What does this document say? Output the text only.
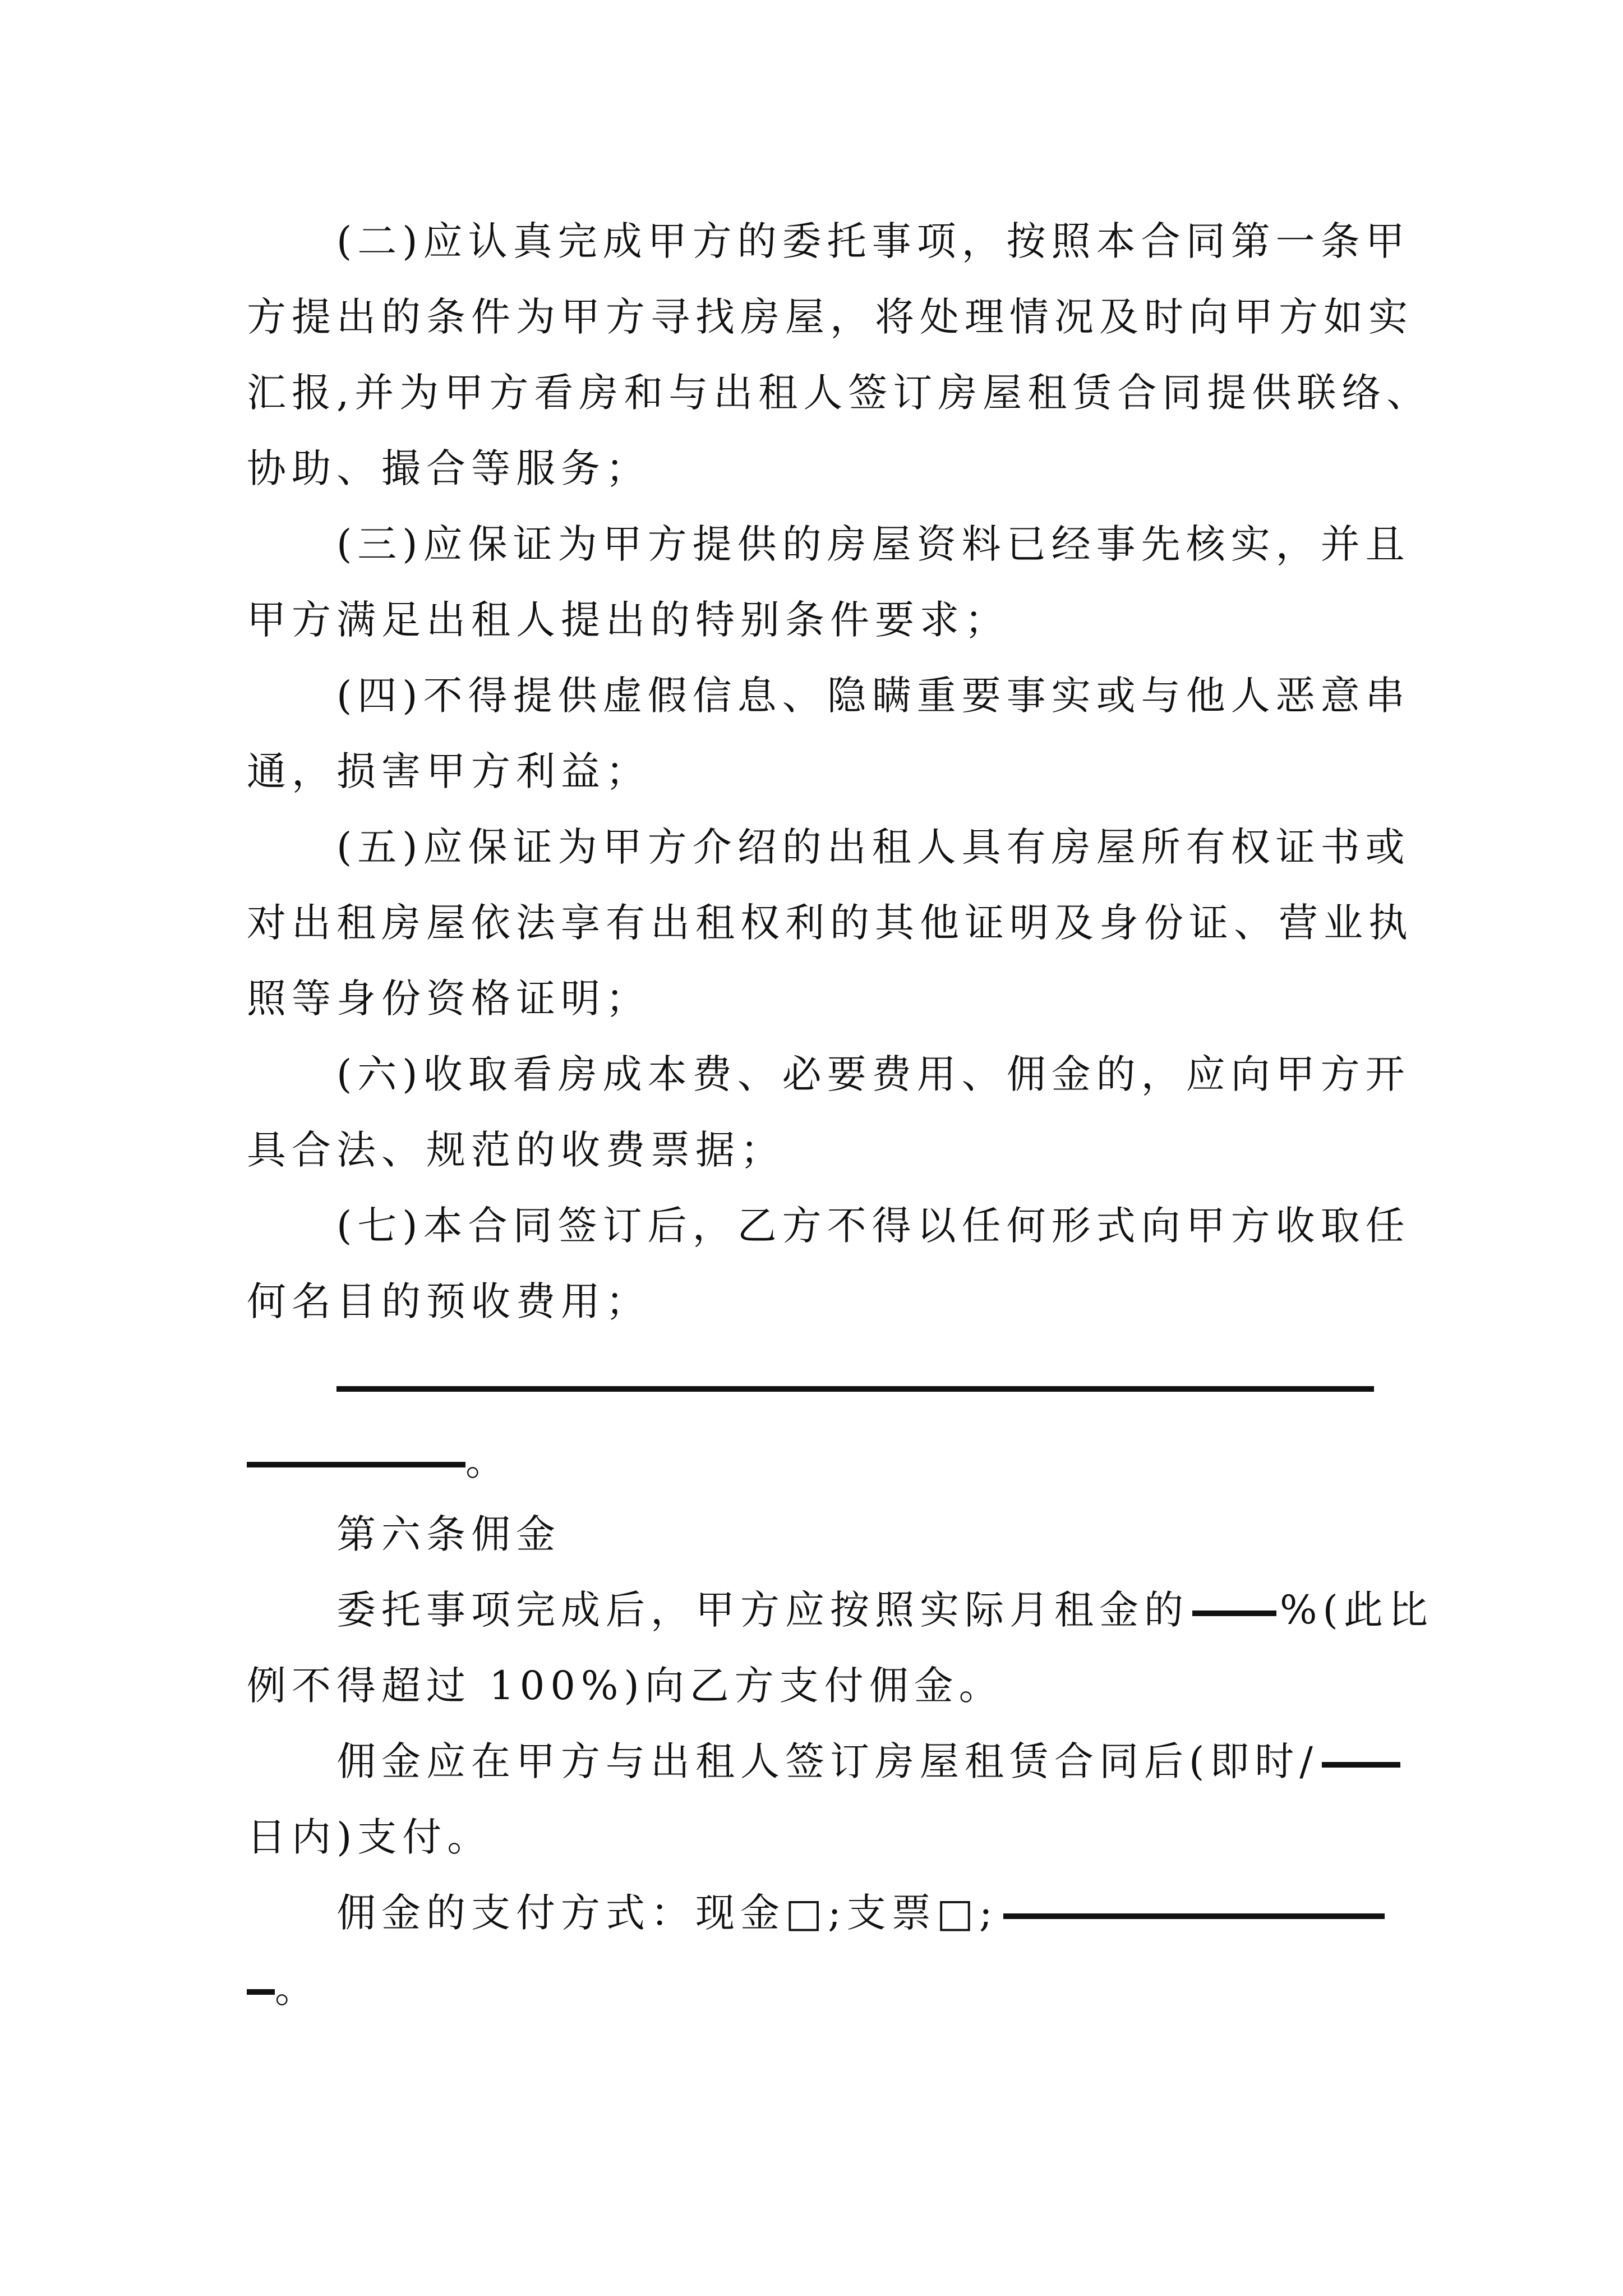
(二)应认真完成甲方的委托事项，按照本合同第一条甲
方提出的条件为甲方寻找房屋，将处理情况及时向甲方如实
汇报,并为甲方看房和与出租人签订房屋租赁合同提供联络、
协助、撮合等服务；
(三)应保证为甲方提供的房屋资料已经事先核实，并且
甲方满足出租人提出的特别条件要求；
(四)不得提供虚假信息、隐瞒重要事实或与他人恶意串
通，损害甲方利益；
(五)应保证为甲方介绍的出租人具有房屋所有权证书或
对出租房屋依法享有出租权利的其他证明及身份证、营业执
照等身份资格证明；
(六)收取看房成本费、必要费用、佣金的，应向甲方开
具合法、规范的收费票据；
(七)本合同签订后，乙方不得以任何形式向甲方收取任
何名目的预收费用；
。
第六条佣金
委托事项完成后，甲方应按照实际月租金的 %(此比
例不得超过 100%)向乙方支付佣金。
佣金应在甲方与出租人签订房屋租赁合同后(即时/
日内)支付。
佣金的支付方式：现金□;支票□;
。
